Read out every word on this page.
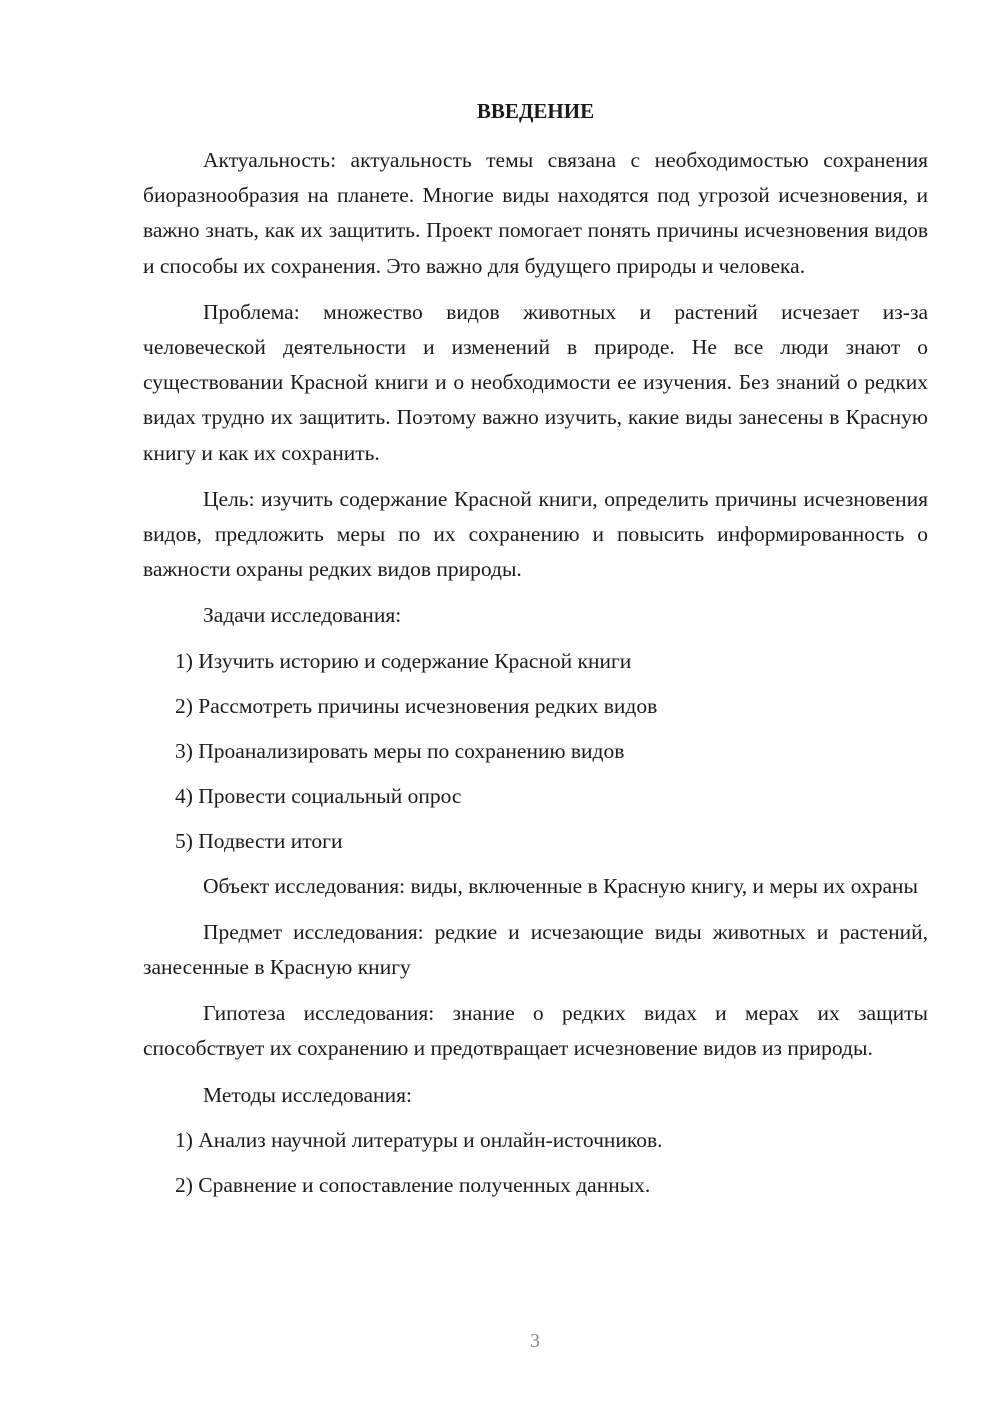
ВВЕДЕНИЕ

Актуальность: актуальность темы связана с необходимостью сохранения биоразнообразия на планете. Многие виды находятся под угрозой исчезновения, и важно знать, как их защитить. Проект помогает понять причины исчезновения видов и способы их сохранения. Это важно для будущего природы и человека.

Проблема: множество видов животных и растений исчезает из-за человеческой деятельности и изменений в природе. Не все люди знают о существовании Красной книги и о необходимости ее изучения. Без знаний о редких видах трудно их защитить. Поэтому важно изучить, какие виды занесены в Красную книгу и как их сохранить.

Цель: изучить содержание Красной книги, определить причины исчезновения видов, предложить меры по их сохранению и повысить информированность о важности охраны редких видов природы.

Задачи исследования:

1) Изучить историю и содержание Красной книги
2) Рассмотреть причины исчезновения редких видов
3) Проанализировать меры по сохранению видов
4) Провести социальный опрос
5) Подвести итоги

Объект исследования: виды, включенные в Красную книгу, и меры их охраны

Предмет исследования: редкие и исчезающие виды животных и растений, занесенные в Красную книгу

Гипотеза исследования: знание о редких видах и мерах их защиты способствует их сохранению и предотвращает исчезновение видов из природы.

Методы исследования:

1) Анализ научной литературы и онлайн-источников.
2) Сравнение и сопоставление полученных данных.
3
